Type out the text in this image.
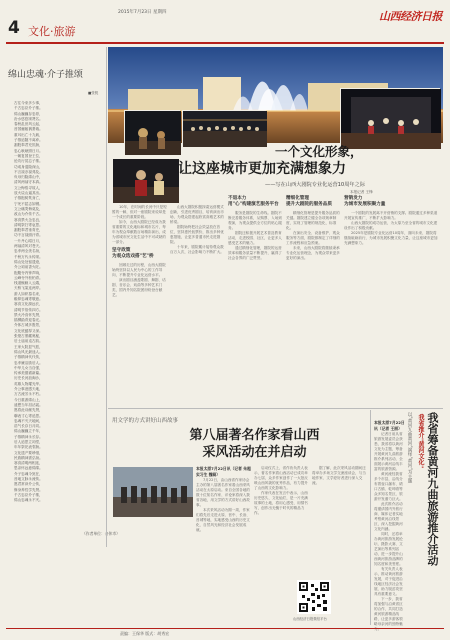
4 文化·旅游
2015年7月23日 星期四	山西经济日报
绵山忠魂·介子推颂
■张锐

古往今来多少事，

千古忠臣介子推。

绵山巍巍存忠骨，

汾水悠悠颂贤名。

春秋乱世风云起，

晋国骊姬祸萧墙。

重耳出亡十九载，

子推追随不离弃。

割股奉君充饥肠，

忠心耿耿照日月。

一朝复国登王位，

论功行赏忘子推。

功成身退隐深山，

不言禄亦禄弗及。

负母归隐绵山中，

清风两袖守本真。

文公悔悟寻故人，

放火烧山逼其出。

子推抱树焚身亡，

宁死不屈志如钢。

文公痛哭悔莫及，

改山为介传千古。

寒食禁火念忠良，

清明祭扫寄哀思。

割股奉君垂青史，

功不言禄照汗青。

一片丹心昭日月，

两袖清风对苍天。

忠孝两全美名扬，

千秋万代永传颂。

绵山处处留遗迹，

介公祠前香火旺。

抱腹寺内钟声响，

云峰寺外松柏青。

栈道蜿蜒入云端，

天桥飞架连两岸。

游人如织慕名来，

瞻仰忠魂寄敬意。

寒食文化源远长，

清明节俗传四方。

禁火冷食怀先贤，

插柳踏青迎春光。

介休古城多胜景，

文化底蕴厚又深。

张壁古堡藏奥秘，

后土庙前觅古韵。

王家大院显气派，

绵山风光最迷人。

子推精神代代传，

忠孝廉洁励后人。

中华儿女当自强，

传承美德谱新篇。

历史长河浪淘沙，

英雄人物耀光华。

介公事迹感天地，

万古流芳永不朽。

今日重游绵山上，

遥想当年泪沾裳。

愿将此诗献先贤，

聊表寸心寄追思。

忠魂不灭天地间，

浩气长存日月同。

绵山巍巍立千年，

子推精神永长存。

后人追思立祠堂，

年年祭祀表衷肠。

文化遗产要珍惜，

民族精神需弘扬。

寒食清明两相连，

思亲怀远意绵绵。

介子忠魂今犹在，

晋地文脉永流传。

愿君常读介公传，

修身养性学先贤。

千古忠臣介子推，

绵山忠魂永不灭。

（作者单位：介休市）
一个文化形象，
让这座城市更加充满想象力
——写在山西大剧院专业化运营10周年之际
本报记者 王锋

10年，在时间的长河中只是短暂的一瞬，但对一座剧院来说却是一个成长的重要阶段。

如今，山西大剧院已经成为我省重要的文化地标和城市名片，每年为观众奉献数百场精彩演出，成为省城市民文化生活中不可或缺的一部分。

坚守政策
为观众选戏搭"艺"桥

回顾走过的历程，山西大剧院始终坚持以人民为中心的工作导向，不断提升专业化运营水平。

演出剧目涵盖歌剧、舞剧、话剧、音乐会、戏曲等多种艺术门类，国内外知名院团纷纷登台献艺。

山西大剧院积极探索运营模式创新，引进优秀剧目，培育演出市场，为观众搭建起欣赏高雅艺术的桥梁。

剧院始终把社会效益放在首位，坚持惠民低票价，推出多种优惠措施，让更多普通市民走进剧院。

十年来，剧院累计接待观众数百万人次，社会影响力不断扩大。

不退本力
用"心"构建演艺服务平台

服务是剧院的生命线。剧院不断完善服务体系，从购票、入场到观演，为观众提供全方位的贴心服务。

剧院还积极开展艺术普及教育活动，走进校园、社区，让更多人感受艺术的魅力。

通过精细化管理，剧院的运营效率和服务质量不断提升，赢得了社会各界的广泛赞誉。

精细化管理
提升大剧院的服务品质

精细化管理是提升服务品质的关键。剧院建立健全各项规章制度，实现了管理的规范化、标准化。

在演出安全、设备维护、观众服务等方面，剧院都制定了详细的工作流程和应急预案。

未来，山西大剧院将继续秉承专业化运营理念，为观众带来更多更好的演出。

营销发力
为城市发展积聚力量

一个剧院的发展离不开营销的支撑。剧院通过多种渠道开展宣传推广，不断扩大影响力。

山西大剧院的成功运营，为太原乃至全省的城市文化建设作出了积极贡献。

2025年是剧院专业化运营10周年，面向未来，剧院将继续砥砺前行，为城市发展积聚文化力量，让这座城市更加充满想象力。

用文学的方式讲好山西故事
第八届著名作家看山西
采风活动在并启动
本报太原7月22日讯（记者 朱超 实习生 魏萌）

7月22日，由山西省作家协会主办的第八届著名作家看山西采风活动在太原启动。来自全国各地的数十位知名作家、评论家将深入我省各地，用文学的方式讲好山西故事。

本次采风活动为期一周，作家们将先后走进太原、晋中、长治、晋城等地，实地感受山西的历史文化、自然风光和经济社会发展成就。

启动仪式上，省作协负责人表示，著名作家看山西活动已成功举办七届，众多作家创作了一大批反映山西风貌的优秀作品，有力提升了山西的文化影响力。

作家代表在发言中表示，山西历史悠久、文化灿烂，是一片充满故事的土地，将用心感受、用情书写，创作出无愧于时代的精品力作。

据了解，此次采风活动期间还将举办多场文学交流座谈会，与当地作家、文学爱好者进行深入交流。

山西经济日报微信平台
我省筹备黄河九曲旅游推介活动
我省推介"黄河文化"
以"黄河九曲黄河"演绎"黄河"为主题
本报太原7月22日讯（记者 王丽）

记者日前从省旅游发展委员会获悉，我省将以黄河文化为主题，筹备开展黄河九曲旅游推介系列活动，全面展示黄河沿线丰富的旅游资源。

黄河流经我省多个市县，沿线分布着壶口瀑布、碛口古镇、乾坤湾等众多知名景区，旅游开发潜力巨大。

此次推介活动将邀请国内外旅行商、媒体记者实地考察黄河沿线景区，深入挖掘黄河文化内涵。

同时，还将举办黄河旅游发展论坛、摄影大赛、文艺演出等系列活动，进一步提升山西黄河旅游品牌的知名度和美誉度。

有关负责人表示，推动黄河旅游发展，对于促进沿线地区经济社会发展、助力脱贫攻坚具有重要意义。

下一步，我省将加强与沿黄省区的合作，共同打造黄河旅游精品线路，让更多游客领略母亲河的独特魅力。

责编：王保华 版式：胡秀宏
